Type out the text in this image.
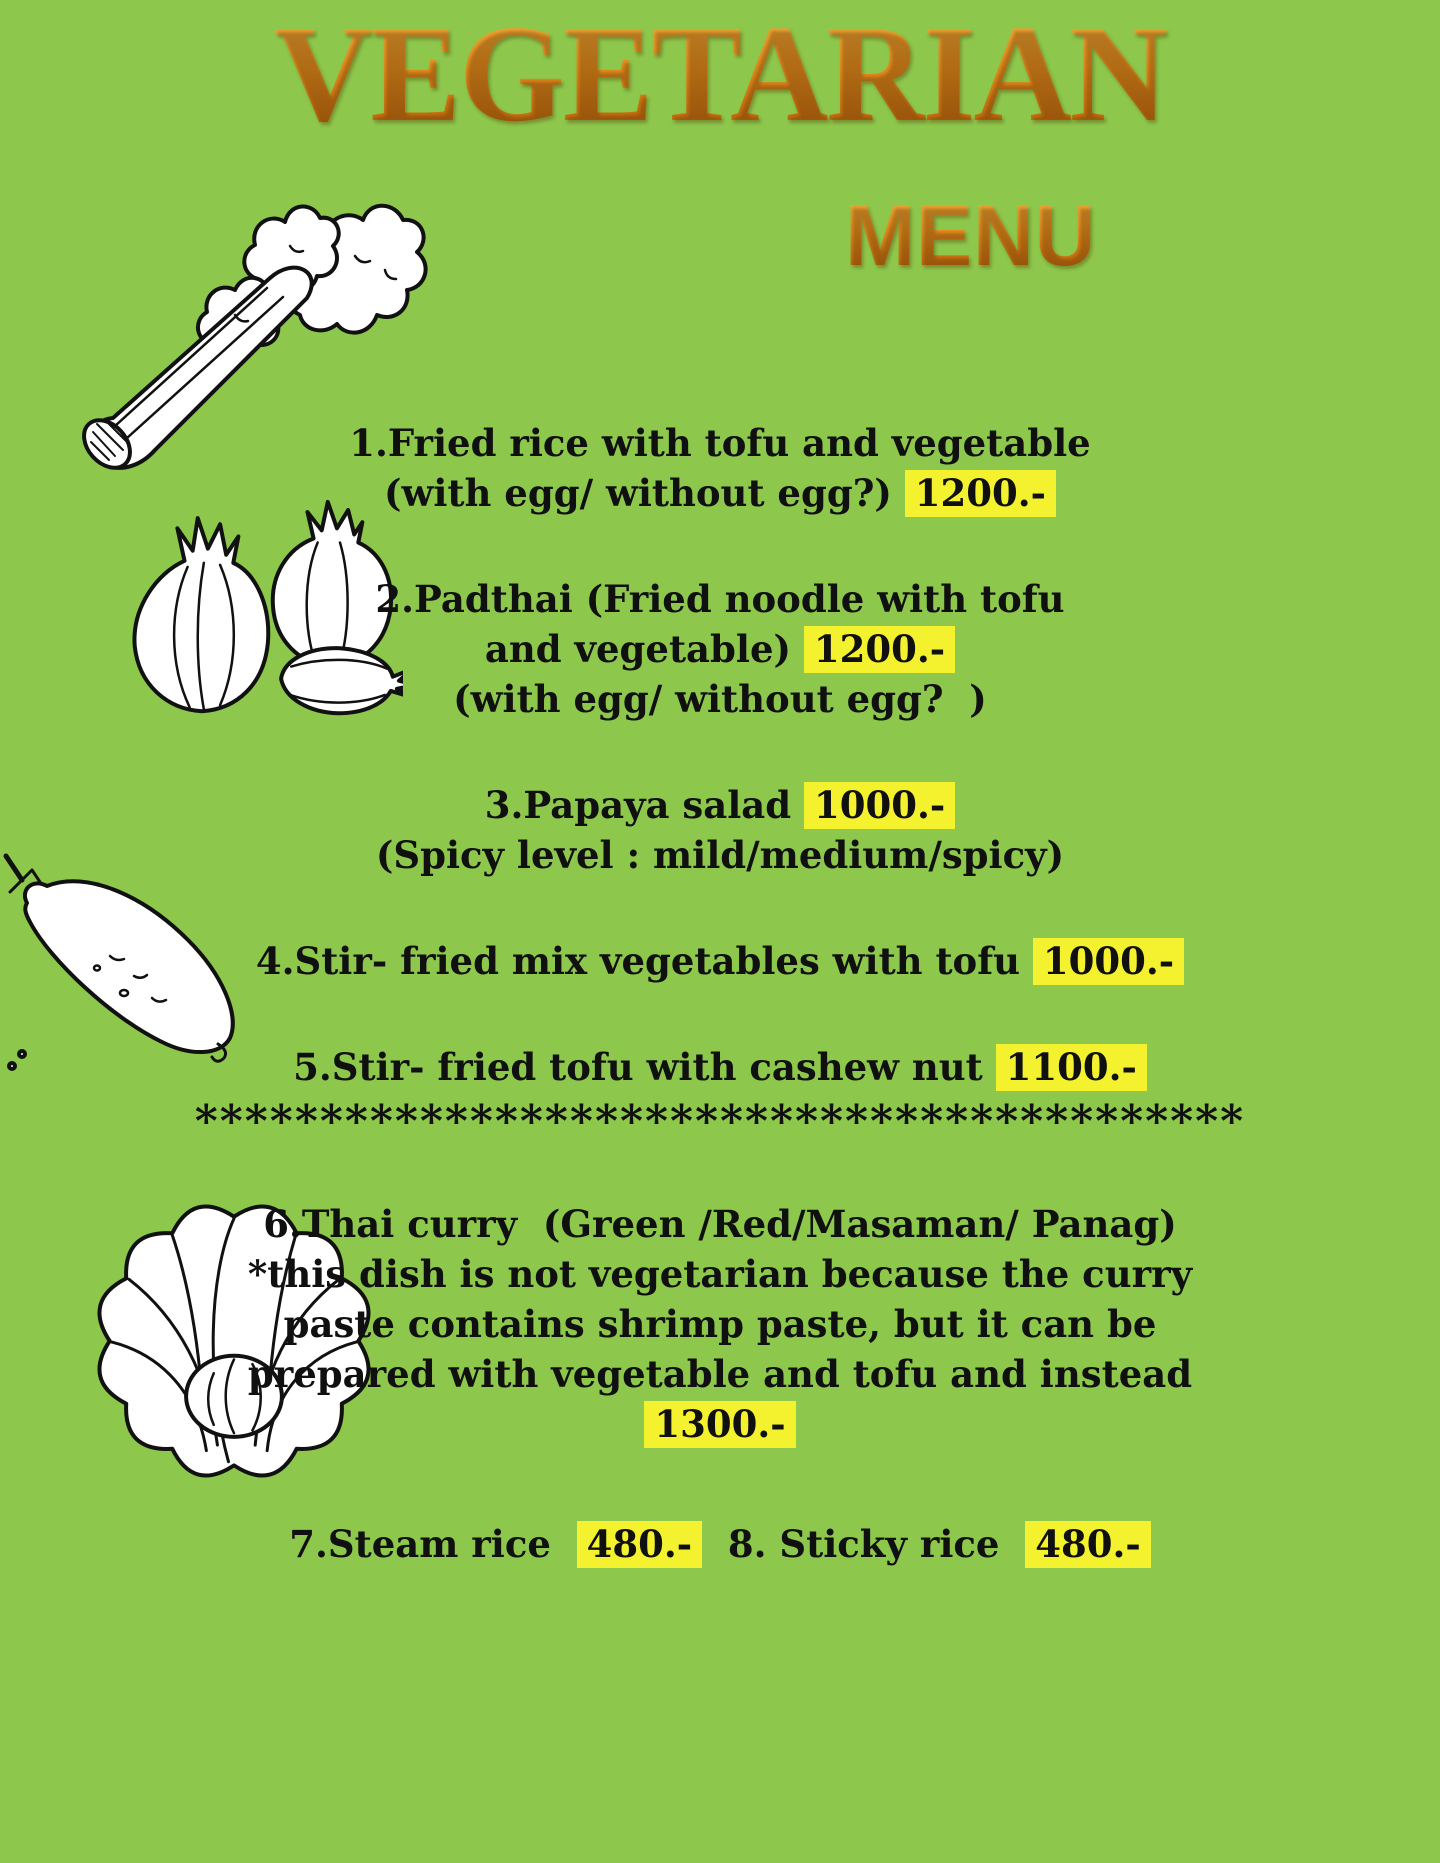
VEGETARIAN
MENU
1.Fried rice with tofu and vegetable
(with egg/ without egg?) 1200.-
2.Padthai (Fried noodle with tofu
and vegetable) 1200.-
(with egg/ without egg?  )
3.Papaya salad 1000.-
(Spicy level : mild/medium/spicy)
4.Stir- fried mix vegetables with tofu 1000.-
5.Stir- fried tofu with cashew nut 1100.-
******************************************
6.Thai curry  (Green /Red/Masaman/ Panag)
*this dish is not vegetarian because the curry
paste contains shrimp paste, but it can be
prepared with vegetable and tofu and instead
1300.-
7.Steam rice  480.-  8. Sticky rice  480.-
